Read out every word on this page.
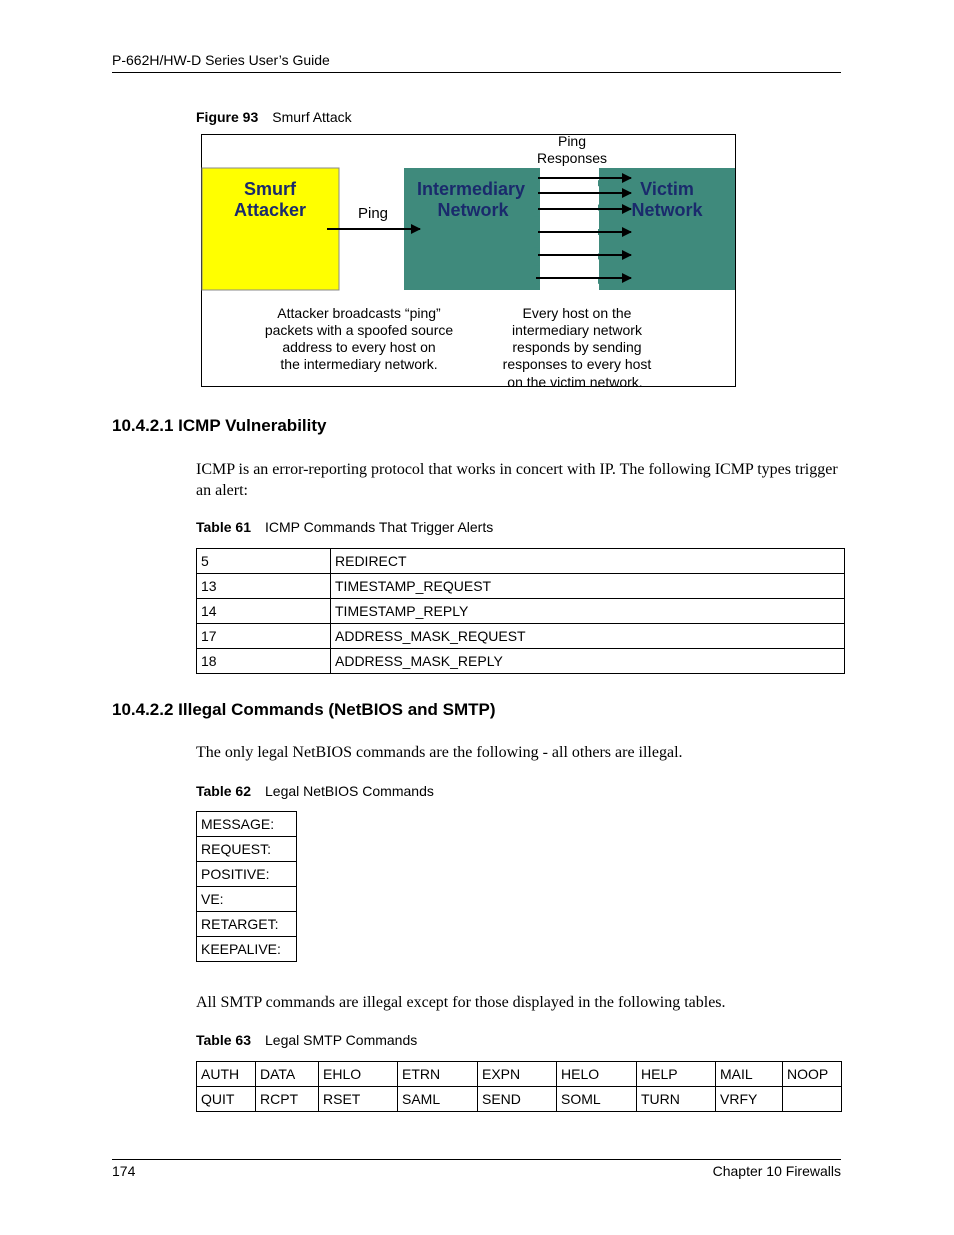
P-662H/HW-D Series User’s Guide
Figure 93 Smurf Attack
Smurf
Attacker	Ping
Ping
Responses
Intermediary
Network
Victim
Network
Attacker broadcasts “ping”
packets with a spoofed source
address to every host on
the intermediary network.
Every host on the
intermediary network
responds by sending
responses to every host
on the victim network.
10.4.2.1 ICMP Vulnerability
ICMP is an error-reporting protocol that works in concert with IP. The following ICMP types trigger an alert:
Table 61 ICMP Commands That Trigger Alerts
5	REDIRECT
13	TIMESTAMP_REQUEST
14	TIMESTAMP_REPLY
17	ADDRESS_MASK_REQUEST
18	ADDRESS_MASK_REPLY
10.4.2.2 Illegal Commands (NetBIOS and SMTP)
The only legal NetBIOS commands are the following - all others are illegal.
Table 62 Legal NetBIOS Commands
MESSAGE:
REQUEST:
POSITIVE:
VE:
RETARGET:
KEEPALIVE:
All SMTP commands are illegal except for those displayed in the following tables.
Table 63 Legal SMTP Commands
AUTH	DATA	EHLO	ETRN	EXPN	HELO	HELP	MAIL	NOOP
QUIT	RCPT	RSET	SAML	SEND	SOML	TURN	VRFY	
174	Chapter 10 Firewalls
